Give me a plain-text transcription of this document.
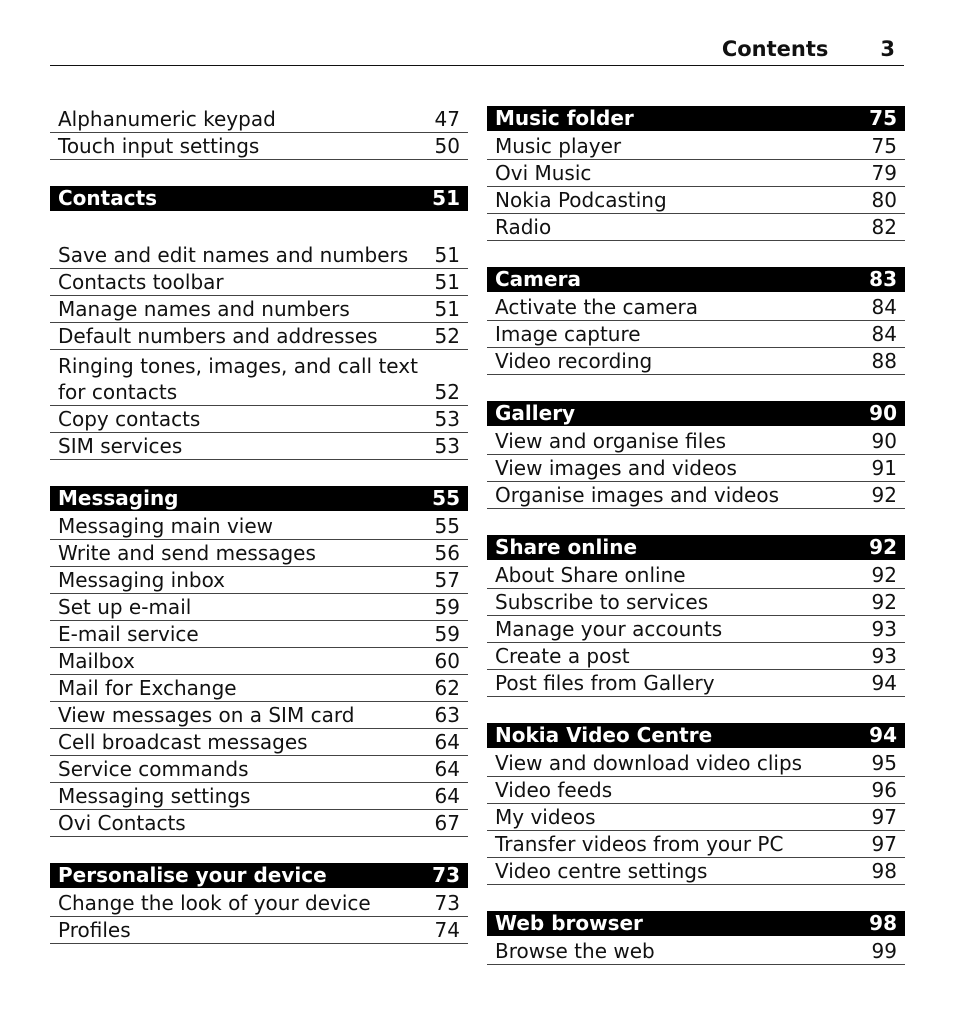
Contents 3
Alphanumeric keypad	47
Touch input settings	50
Contacts	51
Save and edit names and numbers 51
Contacts toolbar	51
Manage names and numbers	51
Default numbers and addresses	52
Ringing tones, images, and call text for contacts	52
Copy contacts	53
SIM services	53
Messaging	55
Messaging main view	55
Write and send messages	56
Messaging inbox	57
Set up e-mail	59
E-mail service	59
Mailbox	60
Mail for Exchange	62
View messages on a SIM card	63
Cell broadcast messages	64
Service commands	64
Messaging settings	64
Ovi Contacts	67
Personalise your device	73
Change the look of your device	73
Profiles	74
Music folder	75
Music player	75
Ovi Music	79
Nokia Podcasting	80
Radio	82
Camera	83
Activate the camera	84
Image capture	84
Video recording	88
Gallery	90
View and organise files	90
View images and videos	91
Organise images and videos	92
Share online	92
About Share online	92
Subscribe to services	92
Manage your accounts	93
Create a post	93
Post files from Gallery	94
Nokia Video Centre	94
View and download video clips	95
Video feeds	96
My videos	97
Transfer videos from your PC	97
Video centre settings	98
Web browser	98
Browse the web	99
